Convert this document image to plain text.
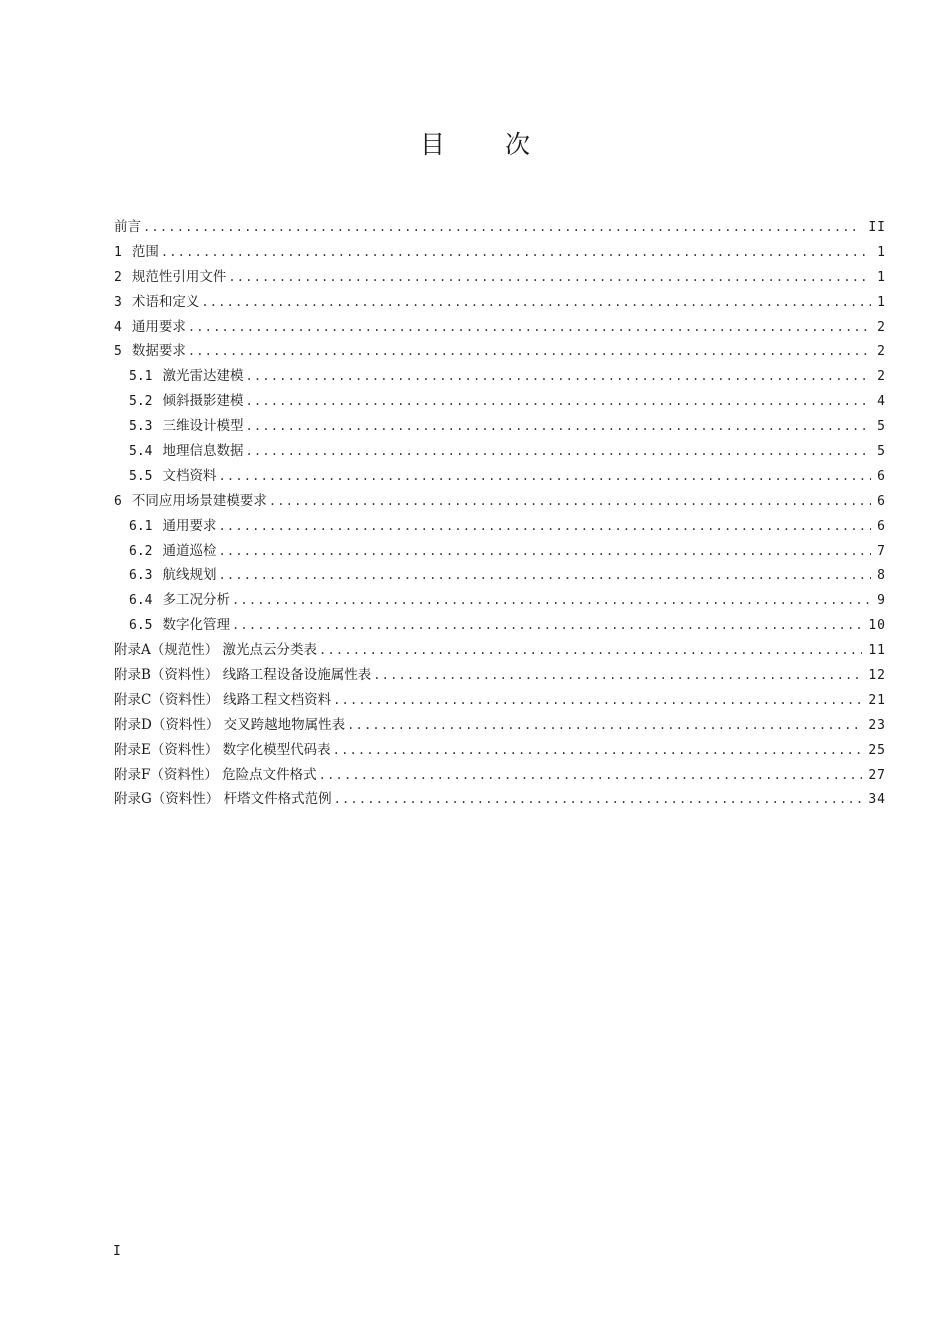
目 次
前言 .....	II
1 范围 .....	1
2 规范性引用文件 .....	1
3 术语和定义 .....	1
4 通用要求 .....	2
5 数据要求 .....	2
5.1 激光雷达建模 .....	2
5.2 倾斜摄影建模 .....	4
5.3 三维设计模型 .....	5
5.4 地理信息数据 .....	5
5.5 文档资料 .....	6
6 不同应用场景建模要求 .....	6
6.1 通用要求 .....	6
6.2 通道巡检 .....	7
6.3 航线规划 .....	8
6.4 多工况分析 .....	9
6.5 数字化管理 .....	10
附录A（规范性） 激光点云分类表 .....	11
附录B（资料性） 线路工程设备设施属性表 .....	12
附录C（资料性） 线路工程文档资料 .....	21
附录D（资料性） 交叉跨越地物属性表 .....	23
附录E（资料性） 数字化模型代码表 .....	25
附录F（资料性） 危险点文件格式 .....	27
附录G（资料性） 杆塔文件格式范例 .....	34
I
